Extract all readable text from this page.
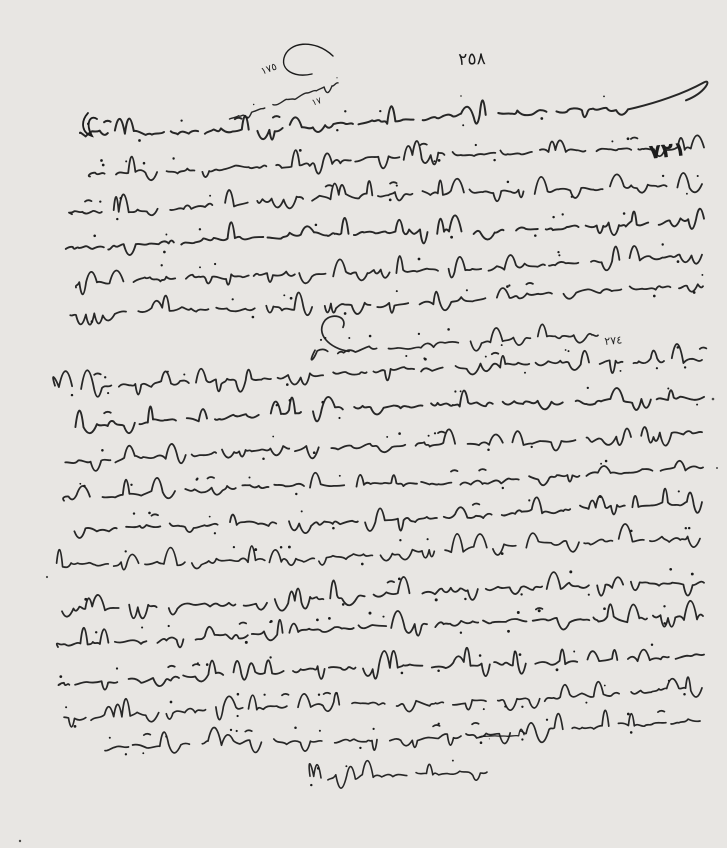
٢٥٨
٧٢١
٢٧٤
١٧٥
١٧
